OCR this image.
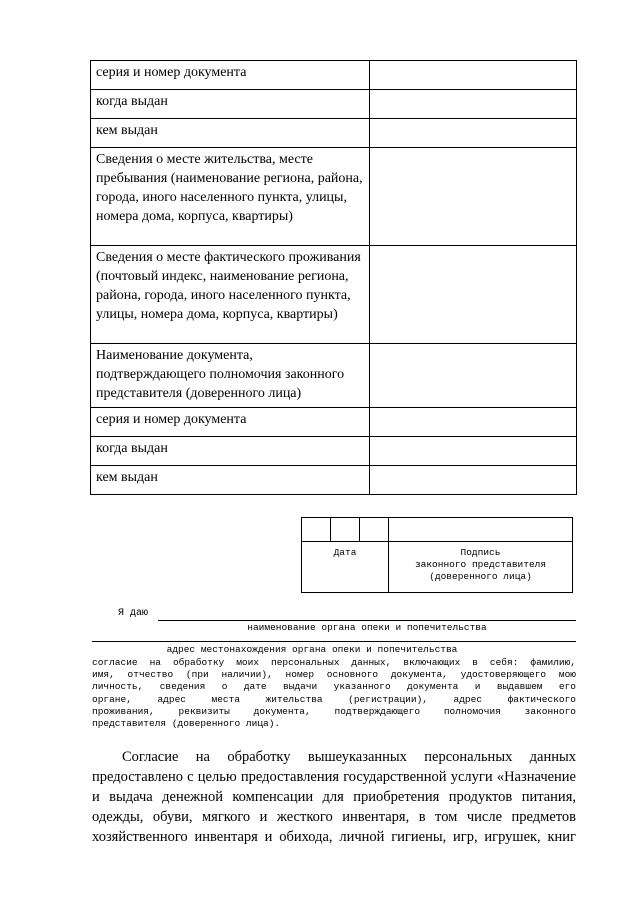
серия и номер документа	
когда выдан	
кем выдан	
Сведения о месте жительства, месте пребывания (наименование региона, района, города, иного населенного пункта, улицы, номера дома, корпуса, квартиры)	
Сведения о месте фактического проживания (почтовый индекс, наименование региона, района, города, иного населенного пункта, улицы, номера дома, корпуса, квартиры)	
Наименование документа, подтверждающего полномочия законного представителя (доверенного лица)	
серия и номер документа	
когда выдан	
кем выдан	

Дата			Подпись
законного представителя
(доверенного лица)
Я даю
наименование органа опеки и попечительства
адрес местонахождения органа опеки и попечительства
согласие на обработку моих персональных данных, включающих в себя: фамилию,
имя, отчество (при наличии), номер основного документа, удостоверяющего мою
личность, сведения о дате выдачи указанного документа и выдавшем его
органе, адрес места жительства (регистрации), адрес фактического
проживания, реквизиты документа, подтверждающего полномочия законного
представителя (доверенного лица).
Согласие на обработку вышеуказанных персональных данных
предоставлено с целью предоставления государственной услуги «Назначение
и выдача денежной компенсации для приобретения продуктов питания,
одежды, обуви, мягкого и жесткого инвентаря, в том числе предметов
хозяйственного инвентаря и обихода, личной гигиены, игр, игрушек, книг
